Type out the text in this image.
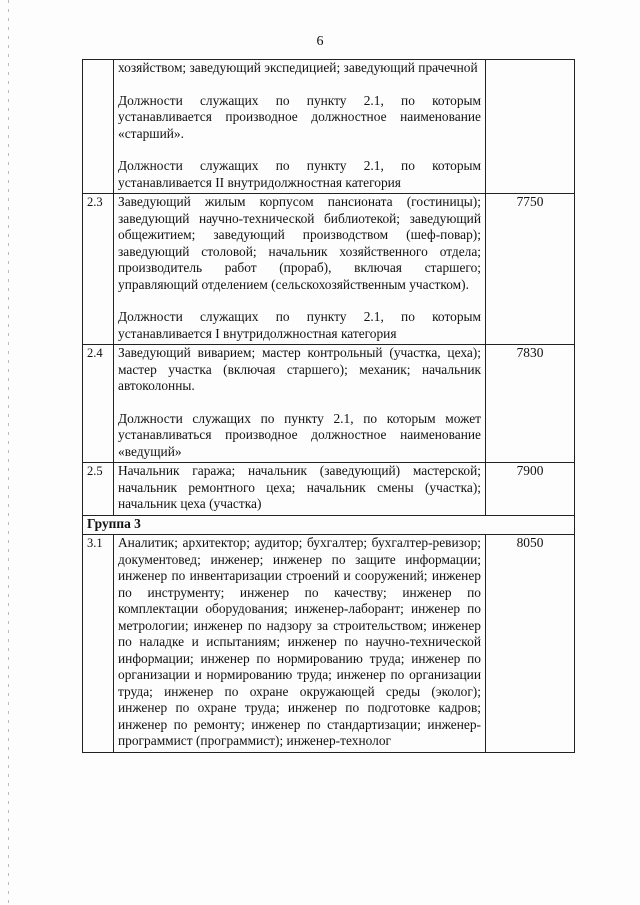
6
	хозяйством; заведующий экспедицией; заведующий прачечной
Должности служащих по пункту 2.1, по которым устанавливается производное должностное наименование «старший».
Должности служащих по пункту 2.1, по которым устанавливается II внутридолжностная категория	
2.3	Заведующий жилым корпусом пансионата (гостиницы); заведующий научно-технической библиотекой; заведующий общежитием; заведующий производством (шеф-повар); заведующий столовой; начальник хозяйственного отдела; производитель работ (прораб), включая старшего; управляющий отделением (сельскохозяйственным участком).
Должности служащих по пункту 2.1, по которым устанавливается I внутридолжностная категория	7750
2.4	Заведующий виварием; мастер контрольный (участка, цеха); мастер участка (включая старшего); механик; начальник автоколонны.
Должности служащих по пункту 2.1, по которым может устанавливаться производное должностное наименование «ведущий»	7830
2.5	Начальник гаража; начальник (заведующий) мастерской; начальник ремонтного цеха; начальник смены (участка); начальник цеха (участка)	7900
Группа 3		
3.1	Аналитик; архитектор; аудитор; бухгалтер; бухгалтер-ревизор; документовед; инженер; инженер по защите информации; инженер по инвентаризации строений и сооружений; инженер по инструменту; инженер по качеству; инженер по комплектации оборудования; инженер-лаборант; инженер по метрологии; инженер по надзору за строительством; инженер по наладке и испытаниям; инженер по научно-технической информации; инженер по нормированию труда; инженер по организации и нормированию труда; инженер по организации труда; инженер по охране окружающей среды (эколог); инженер по охране труда; инженер по подготовке кадров; инженер по ремонту; инженер по стандартизации; инженер-программист (программист); инженер-технолог	8050
